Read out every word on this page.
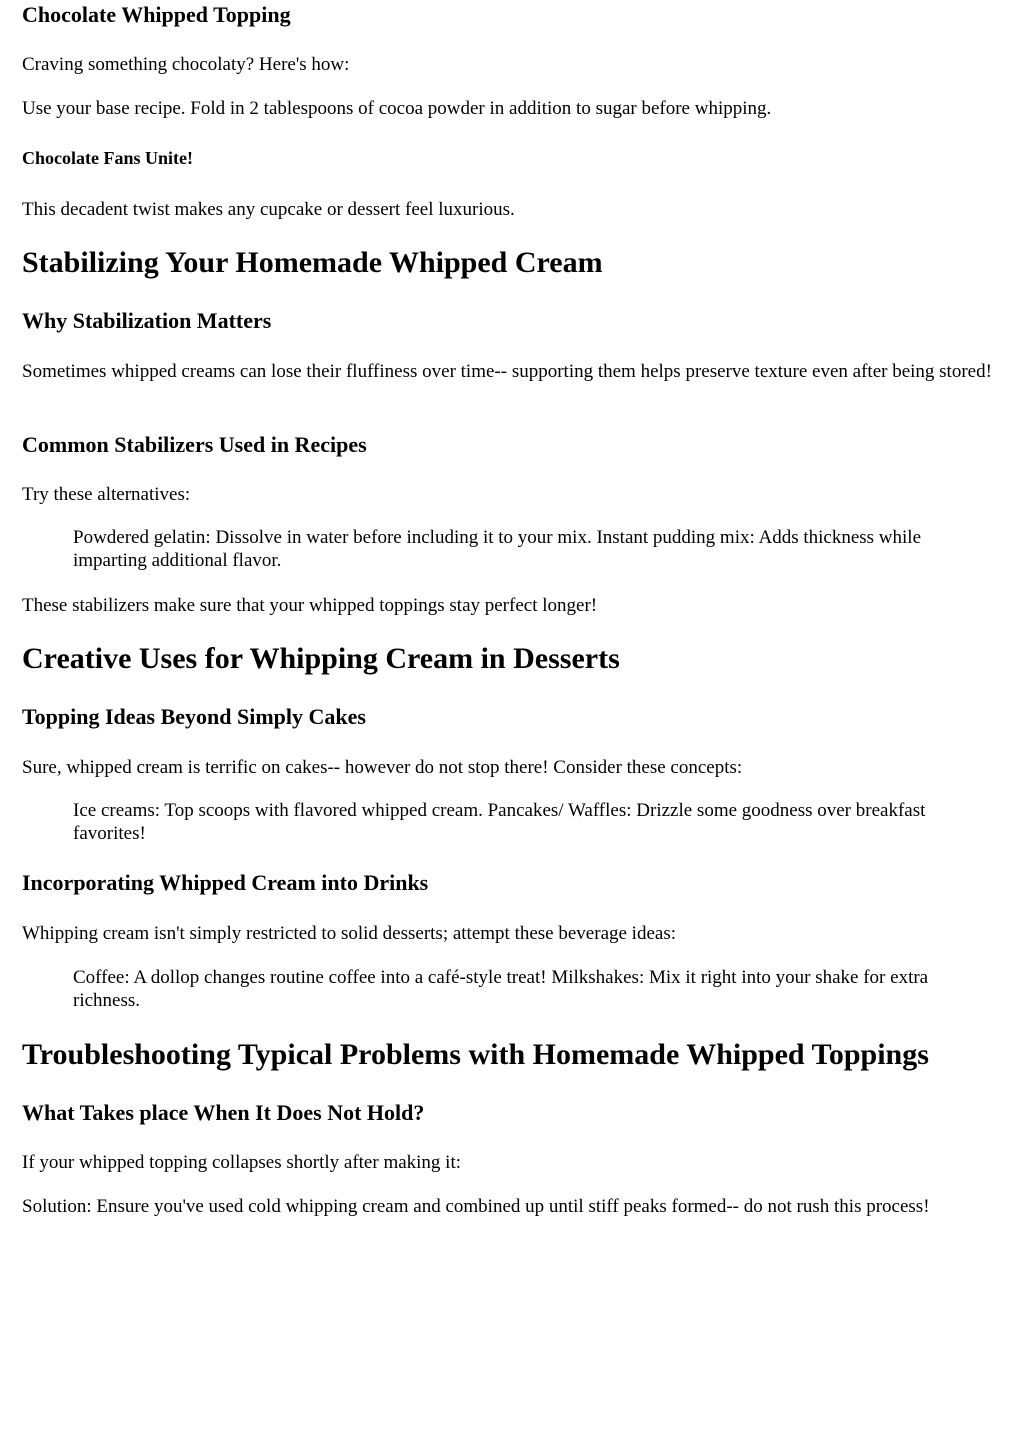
Chocolate Whipped Topping

Craving something chocolaty? Here's how:

Use your base recipe. Fold in 2 tablespoons of cocoa powder in addition to sugar before whipping.

Chocolate Fans Unite!

This decadent twist makes any cupcake or dessert feel luxurious.

Stabilizing Your Homemade Whipped Cream
Why Stabilization Matters

Sometimes whipped creams can lose their fluffiness over time-- supporting them helps preserve texture even after being stored!

Common Stabilizers Used in Recipes

Try these alternatives:

Powdered gelatin: Dissolve in water before including it to your mix. Instant pudding mix: Adds thickness while imparting additional flavor.

These stabilizers make sure that your whipped toppings stay perfect longer!

Creative Uses for Whipping Cream in Desserts
Topping Ideas Beyond Simply Cakes

Sure, whipped cream is terrific on cakes-- however do not stop there! Consider these concepts:

Ice creams: Top scoops with flavored whipped cream. Pancakes/ Waffles: Drizzle some goodness over breakfast favorites!
Incorporating Whipped Cream into Drinks

Whipping cream isn't simply restricted to solid desserts; attempt these beverage ideas:

Coffee: A dollop changes routine coffee into a café-style treat! Milkshakes: Mix it right into your shake for extra richness.
Troubleshooting Typical Problems with Homemade Whipped Toppings
What Takes place When It Does Not Hold?

If your whipped topping collapses shortly after making it:

Solution: Ensure you've used cold whipping cream and combined up until stiff peaks formed-- do not rush this process!
